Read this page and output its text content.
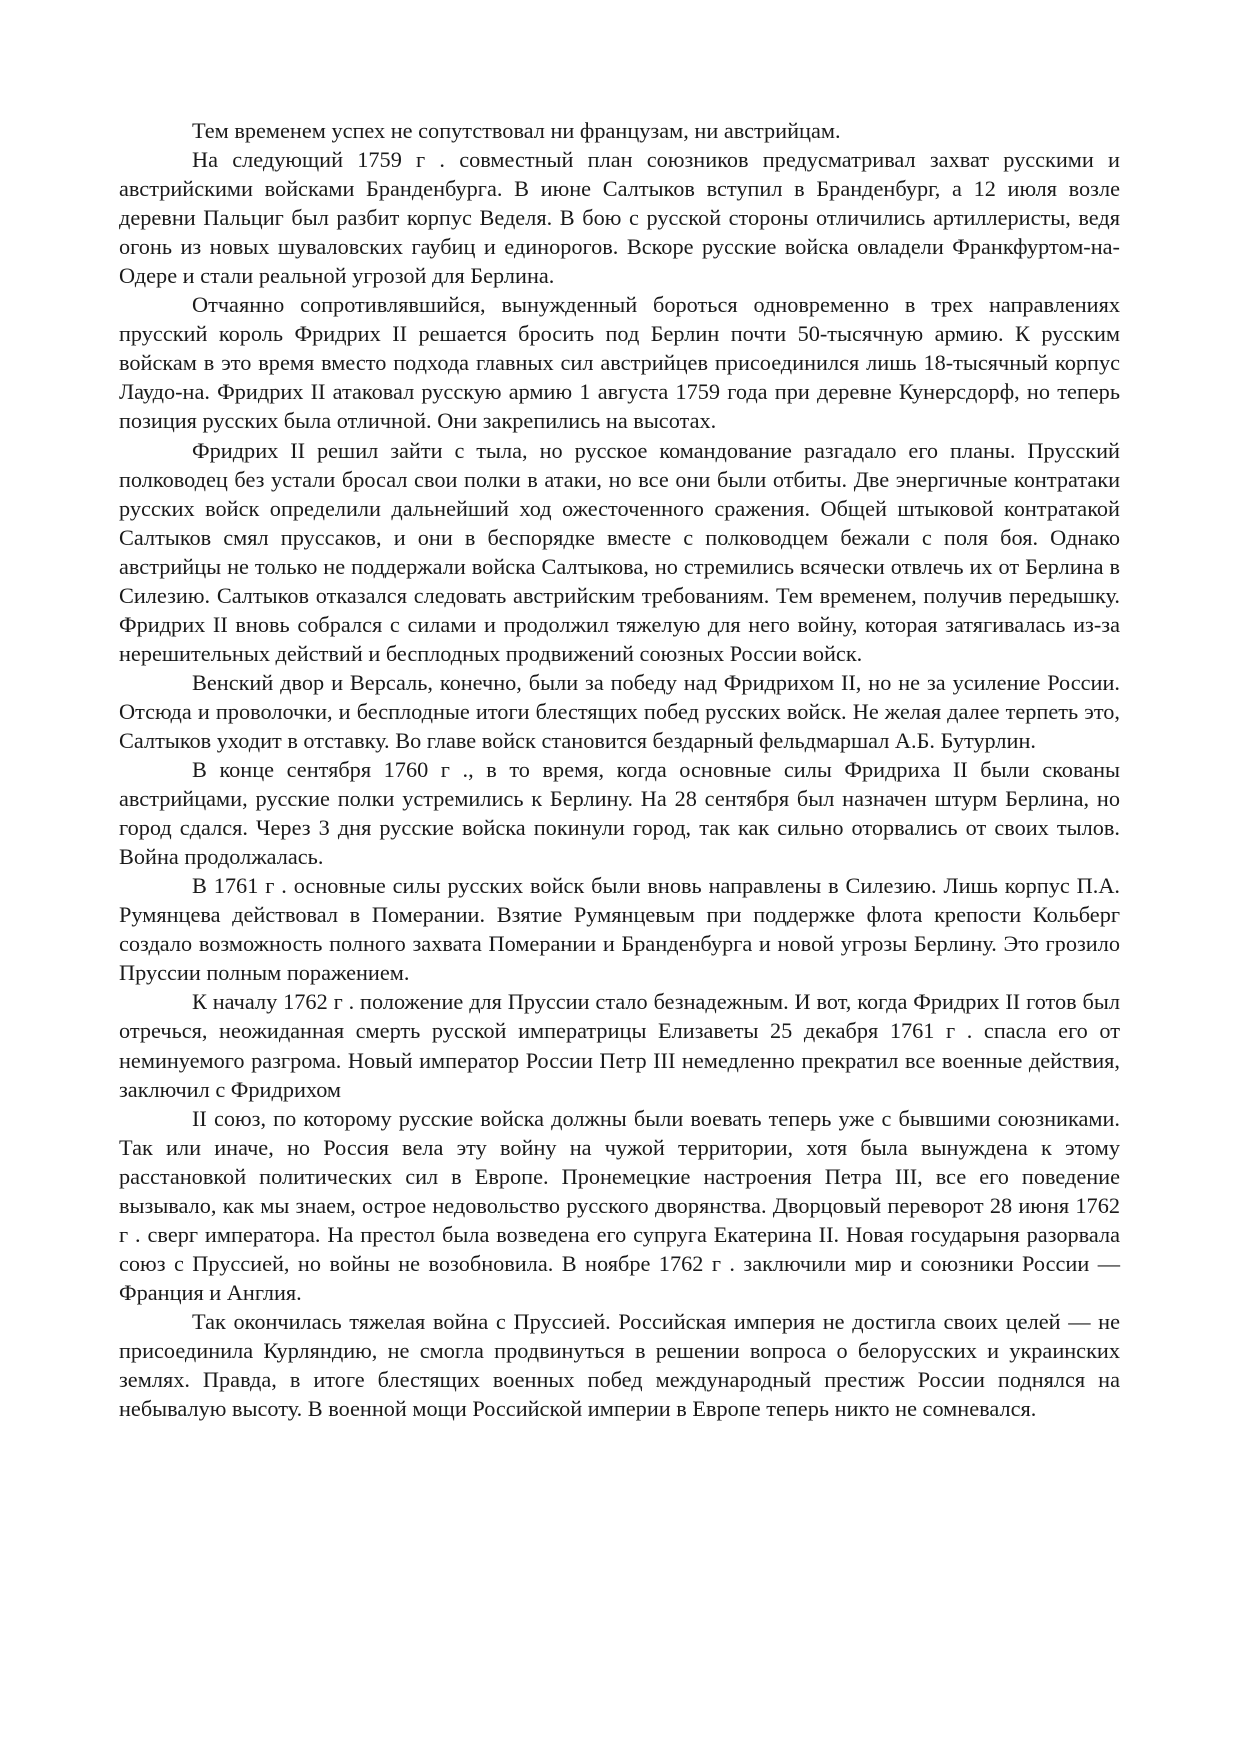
Тем временем успех не сопутствовал ни французам, ни австрийцам.

На следующий 1759 г . совместный план союзников предусматривал захват русскими и австрийскими войсками Бранденбурга. В июне Салтыков вступил в Бранденбург, а 12 июля возле деревни Пальциг был разбит корпус Веделя. В бою с русской стороны отличились артиллеристы, ведя огонь из новых шуваловских гаубиц и единорогов. Вскоре русские войска овладели Франкфуртом-на-Одере и стали реальной угрозой для Берлина.

Отчаянно сопротивлявшийся, вынужденный бороться одновременно в трех направлениях прусский король Фридрих II решается бросить под Берлин почти 50-тысячную армию. К русским войскам в это время вместо подхода главных сил австрийцев присоединился лишь 18-тысячный корпус Лаудо-на. Фридрих II атаковал русскую армию 1 августа 1759 года при деревне Кунерсдорф, но теперь позиция русских была отличной. Они закрепились на высотах.

Фридрих II решил зайти с тыла, но русское командование разгадало его планы. Прусский полководец без устали бросал свои полки в атаки, но все они были отбиты. Две энергичные контратаки русских войск определили дальнейший ход ожесточенного сражения. Общей штыковой контратакой Салтыков смял пруссаков, и они в беспорядке вместе с полководцем бежали с поля боя. Однако австрийцы не только не поддержали войска Салтыкова, но стремились всячески отвлечь их от Берлина в Силезию. Салтыков отказался следовать австрийским требованиям. Тем временем, получив передышку. Фридрих II вновь собрался с силами и продолжил тяжелую для него войну, которая затягивалась из-за нерешительных действий и бесплодных продвижений союзных России войск.

Венский двор и Версаль, конечно, были за победу над Фридрихом II, но не за усиление России. Отсюда и проволочки, и бесплодные итоги блестящих побед русских войск. Не желая далее терпеть это, Салтыков уходит в отставку. Во главе войск становится бездарный фельдмаршал А.Б. Бутурлин.

В конце сентября 1760 г ., в то время, когда основные силы Фридриха II были скованы австрийцами, русские полки устремились к Берлину. На 28 сентября был назначен штурм Берлина, но город сдался. Через 3 дня русские войска покинули город, так как сильно оторвались от своих тылов. Война продолжалась.

В 1761 г . основные силы русских войск были вновь направлены в Силезию. Лишь корпус П.А. Румянцева действовал в Померании. Взятие Румянцевым при поддержке флота крепости Кольберг создало возможность полного захвата Померании и Бранденбурга и новой угрозы Берлину. Это грозило Пруссии полным поражением.

К началу 1762 г . положение для Пруссии стало безнадежным. И вот, когда Фридрих II готов был отречься, неожиданная смерть русской императрицы Елизаветы 25 декабря 1761 г . спасла его от неминуемого разгрома. Новый император России Петр III немедленно прекратил все военные действия, заключил с Фридрихом

II союз, по которому русские войска должны были воевать теперь уже с бывшими союзниками. Так или иначе, но Россия вела эту войну на чужой территории, хотя была вынуждена к этому расстановкой политических сил в Европе. Пронемецкие настроения Петра III, все его поведение вызывало, как мы знаем, острое недовольство русского дворянства. Дворцовый переворот 28 июня 1762 г . сверг императора. На престол была возведена его супруга Екатерина II. Новая государыня разорвала союз с Пруссией, но войны не возобновила. В ноябре 1762 г . заключили мир и союзники России — Франция и Англия.

Так окончилась тяжелая война с Пруссией. Российская империя не достигла своих целей — не присоединила Курляндию, не смогла продвинуться в решении вопроса о белорусских и украинских землях. Правда, в итоге блестящих военных побед международный престиж России поднялся на небывалую высоту. В военной мощи Российской империи в Европе теперь никто не сомневался.
